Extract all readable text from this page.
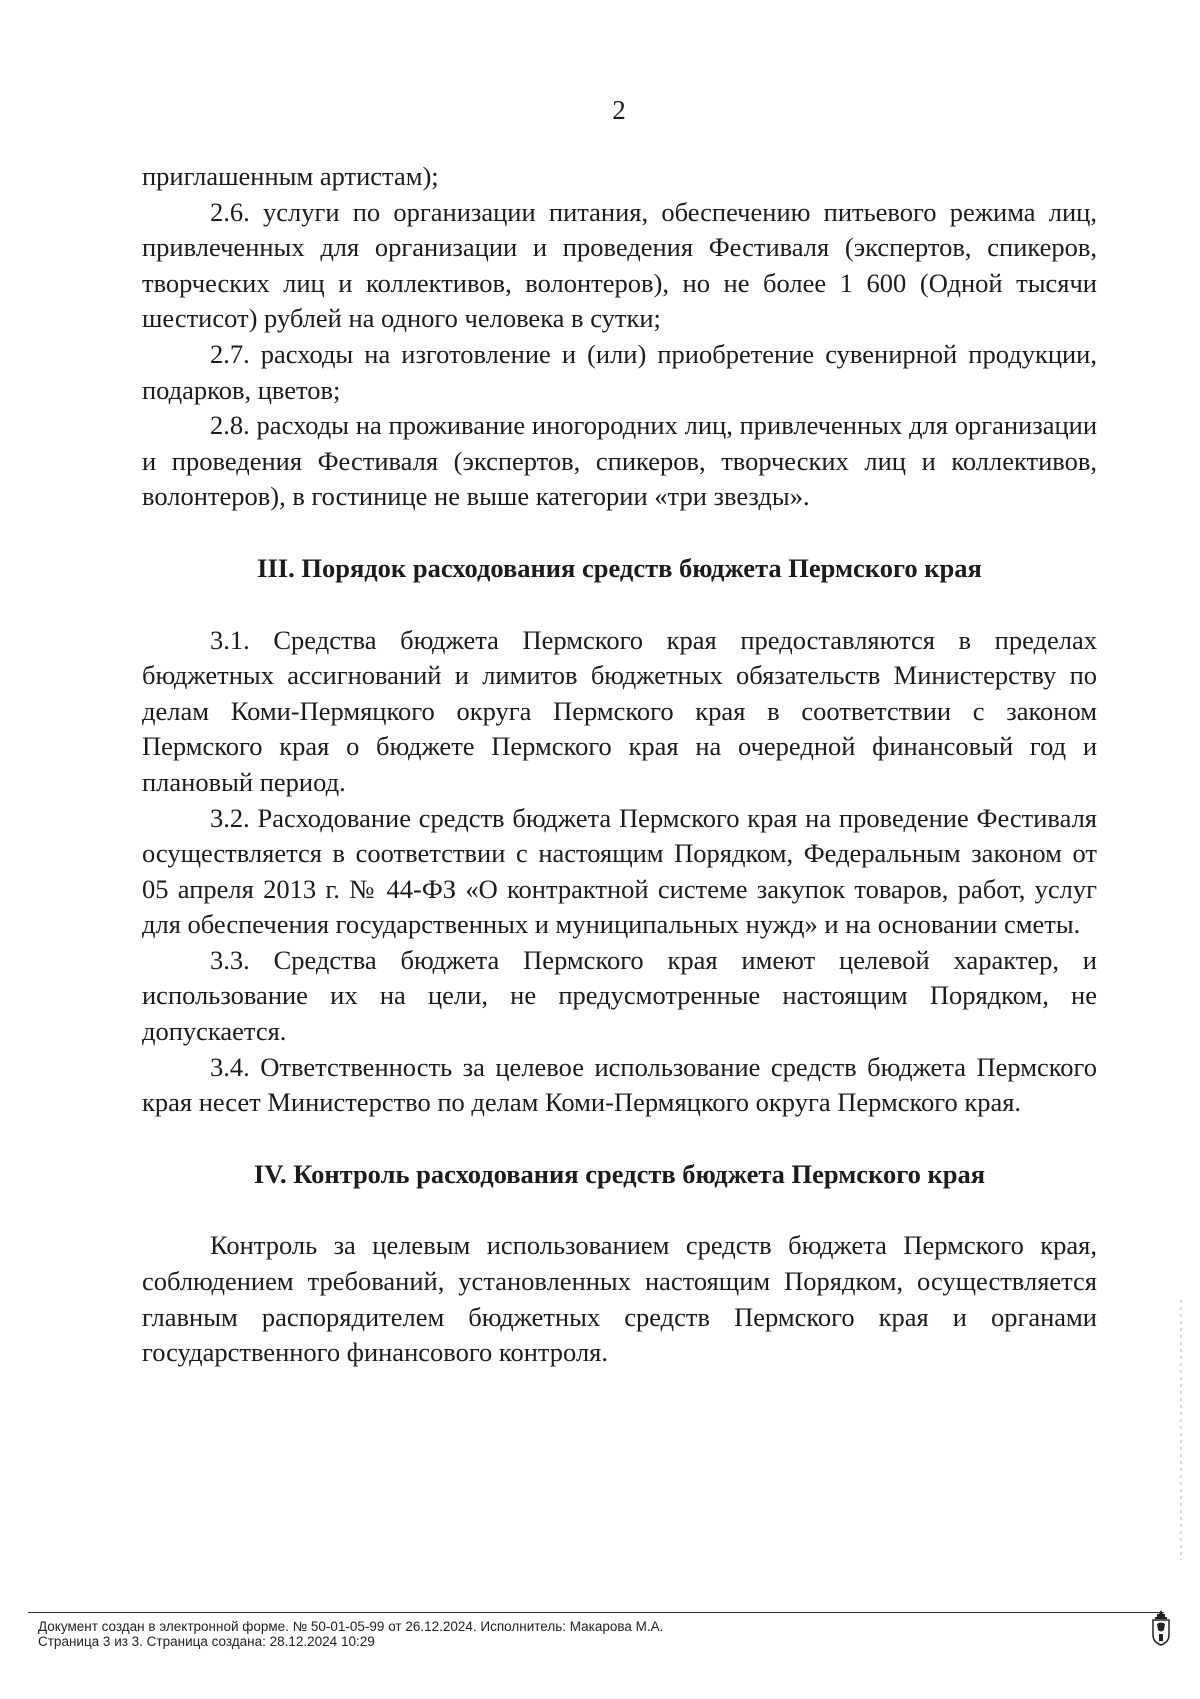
2

приглашенным артистам);

2.6. услуги по организации питания, обеспечению питьевого режима лиц, привлеченных для организации и проведения Фестиваля (экспертов, спикеров, творческих лиц и коллективов, волонтеров), но не более 1 600 (Одной тысячи шестисот) рублей на одного человека в сутки;

2.7. расходы на изготовление и (или) приобретение сувенирной продукции, подарков, цветов;

2.8. расходы на проживание иногородних лиц, привлеченных для организации и проведения Фестиваля (экспертов, спикеров, творческих лиц и коллективов, волонтеров), в гостинице не выше категории «три звезды».

III. Порядок расходования средств бюджета Пермского края

3.1. Средства бюджета Пермского края предоставляются в пределах бюджетных ассигнований и лимитов бюджетных обязательств Министерству по делам Коми-Пермяцкого округа Пермского края в соответствии с законом Пермского края о бюджете Пермского края на очередной финансовый год и плановый период.

3.2. Расходование средств бюджета Пермского края на проведение Фестиваля осуществляется в соответствии с настоящим Порядком, Федеральным законом от 05 апреля 2013 г. № 44-ФЗ «О контрактной системе закупок товаров, работ, услуг для обеспечения государственных и муниципальных нужд» и на основании сметы.

3.3. Средства бюджета Пермского края имеют целевой характер, и использование их на цели, не предусмотренные настоящим Порядком, не допускается.

3.4. Ответственность за целевое использование средств бюджета Пермского края несет Министерство по делам Коми-Пермяцкого округа Пермского края.

IV. Контроль расходования средств бюджета Пермского края

Контроль за целевым использованием средств бюджета Пермского края, соблюдением требований, установленных настоящим Порядком, осуществляется главным распорядителем бюджетных средств Пермского края и органами государственного финансового контроля.

Документ создан в электронной форме. № 50-01-05-99 от 26.12.2024. Исполнитель: Макарова М.А.
Страница 3 из 3. Страница создана: 28.12.2024 10:29
